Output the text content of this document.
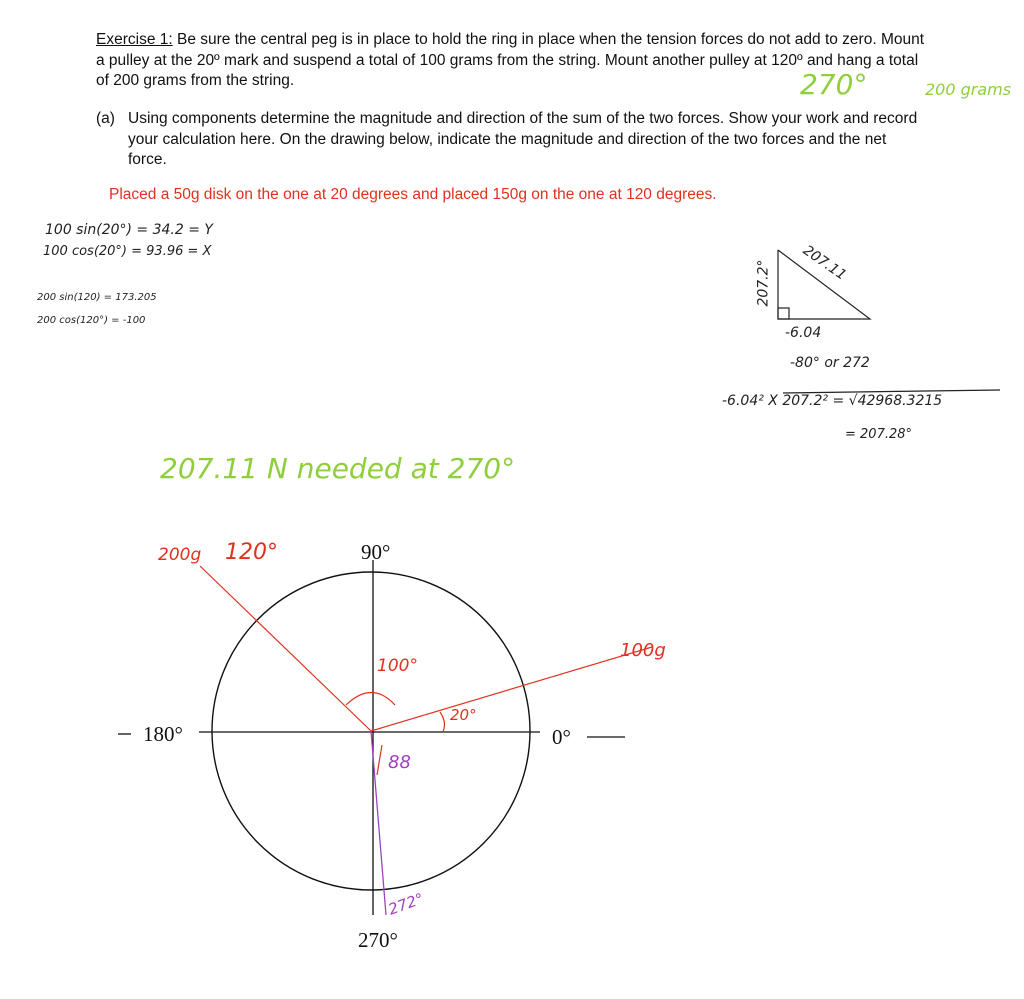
Exercise 1: Be sure the central peg is in place to hold the ring in place when the tension forces do not add to zero. Mount a pulley at the 20º mark and suspend a total of 100 grams from the string. Mount another pulley at 120º and hang a total of 200 grams from the string.
(a) Using components determine the magnitude and direction of the sum of the two forces. Show your work and record your calculation here. On the drawing below, indicate the magnitude and direction of the two forces and the net force.
Placed a 50g disk on the one at 20 degrees and placed 150g on the one at 120 degrees.
270°	200 grams
100 sin(20°) = 34.2 = Y
100 cos(20°) = 93.96 = X
200 sin(120) = 173.205
200 cos(120°) = -100
207.11
207.2°
-6.04
-80° or 272
-6.04² X 207.2² = √42968.3215
= 207.28°
207.11 N needed at 270°
200g 120°
100°
100g
20°
88
272°
90°
180°	0°
270°
